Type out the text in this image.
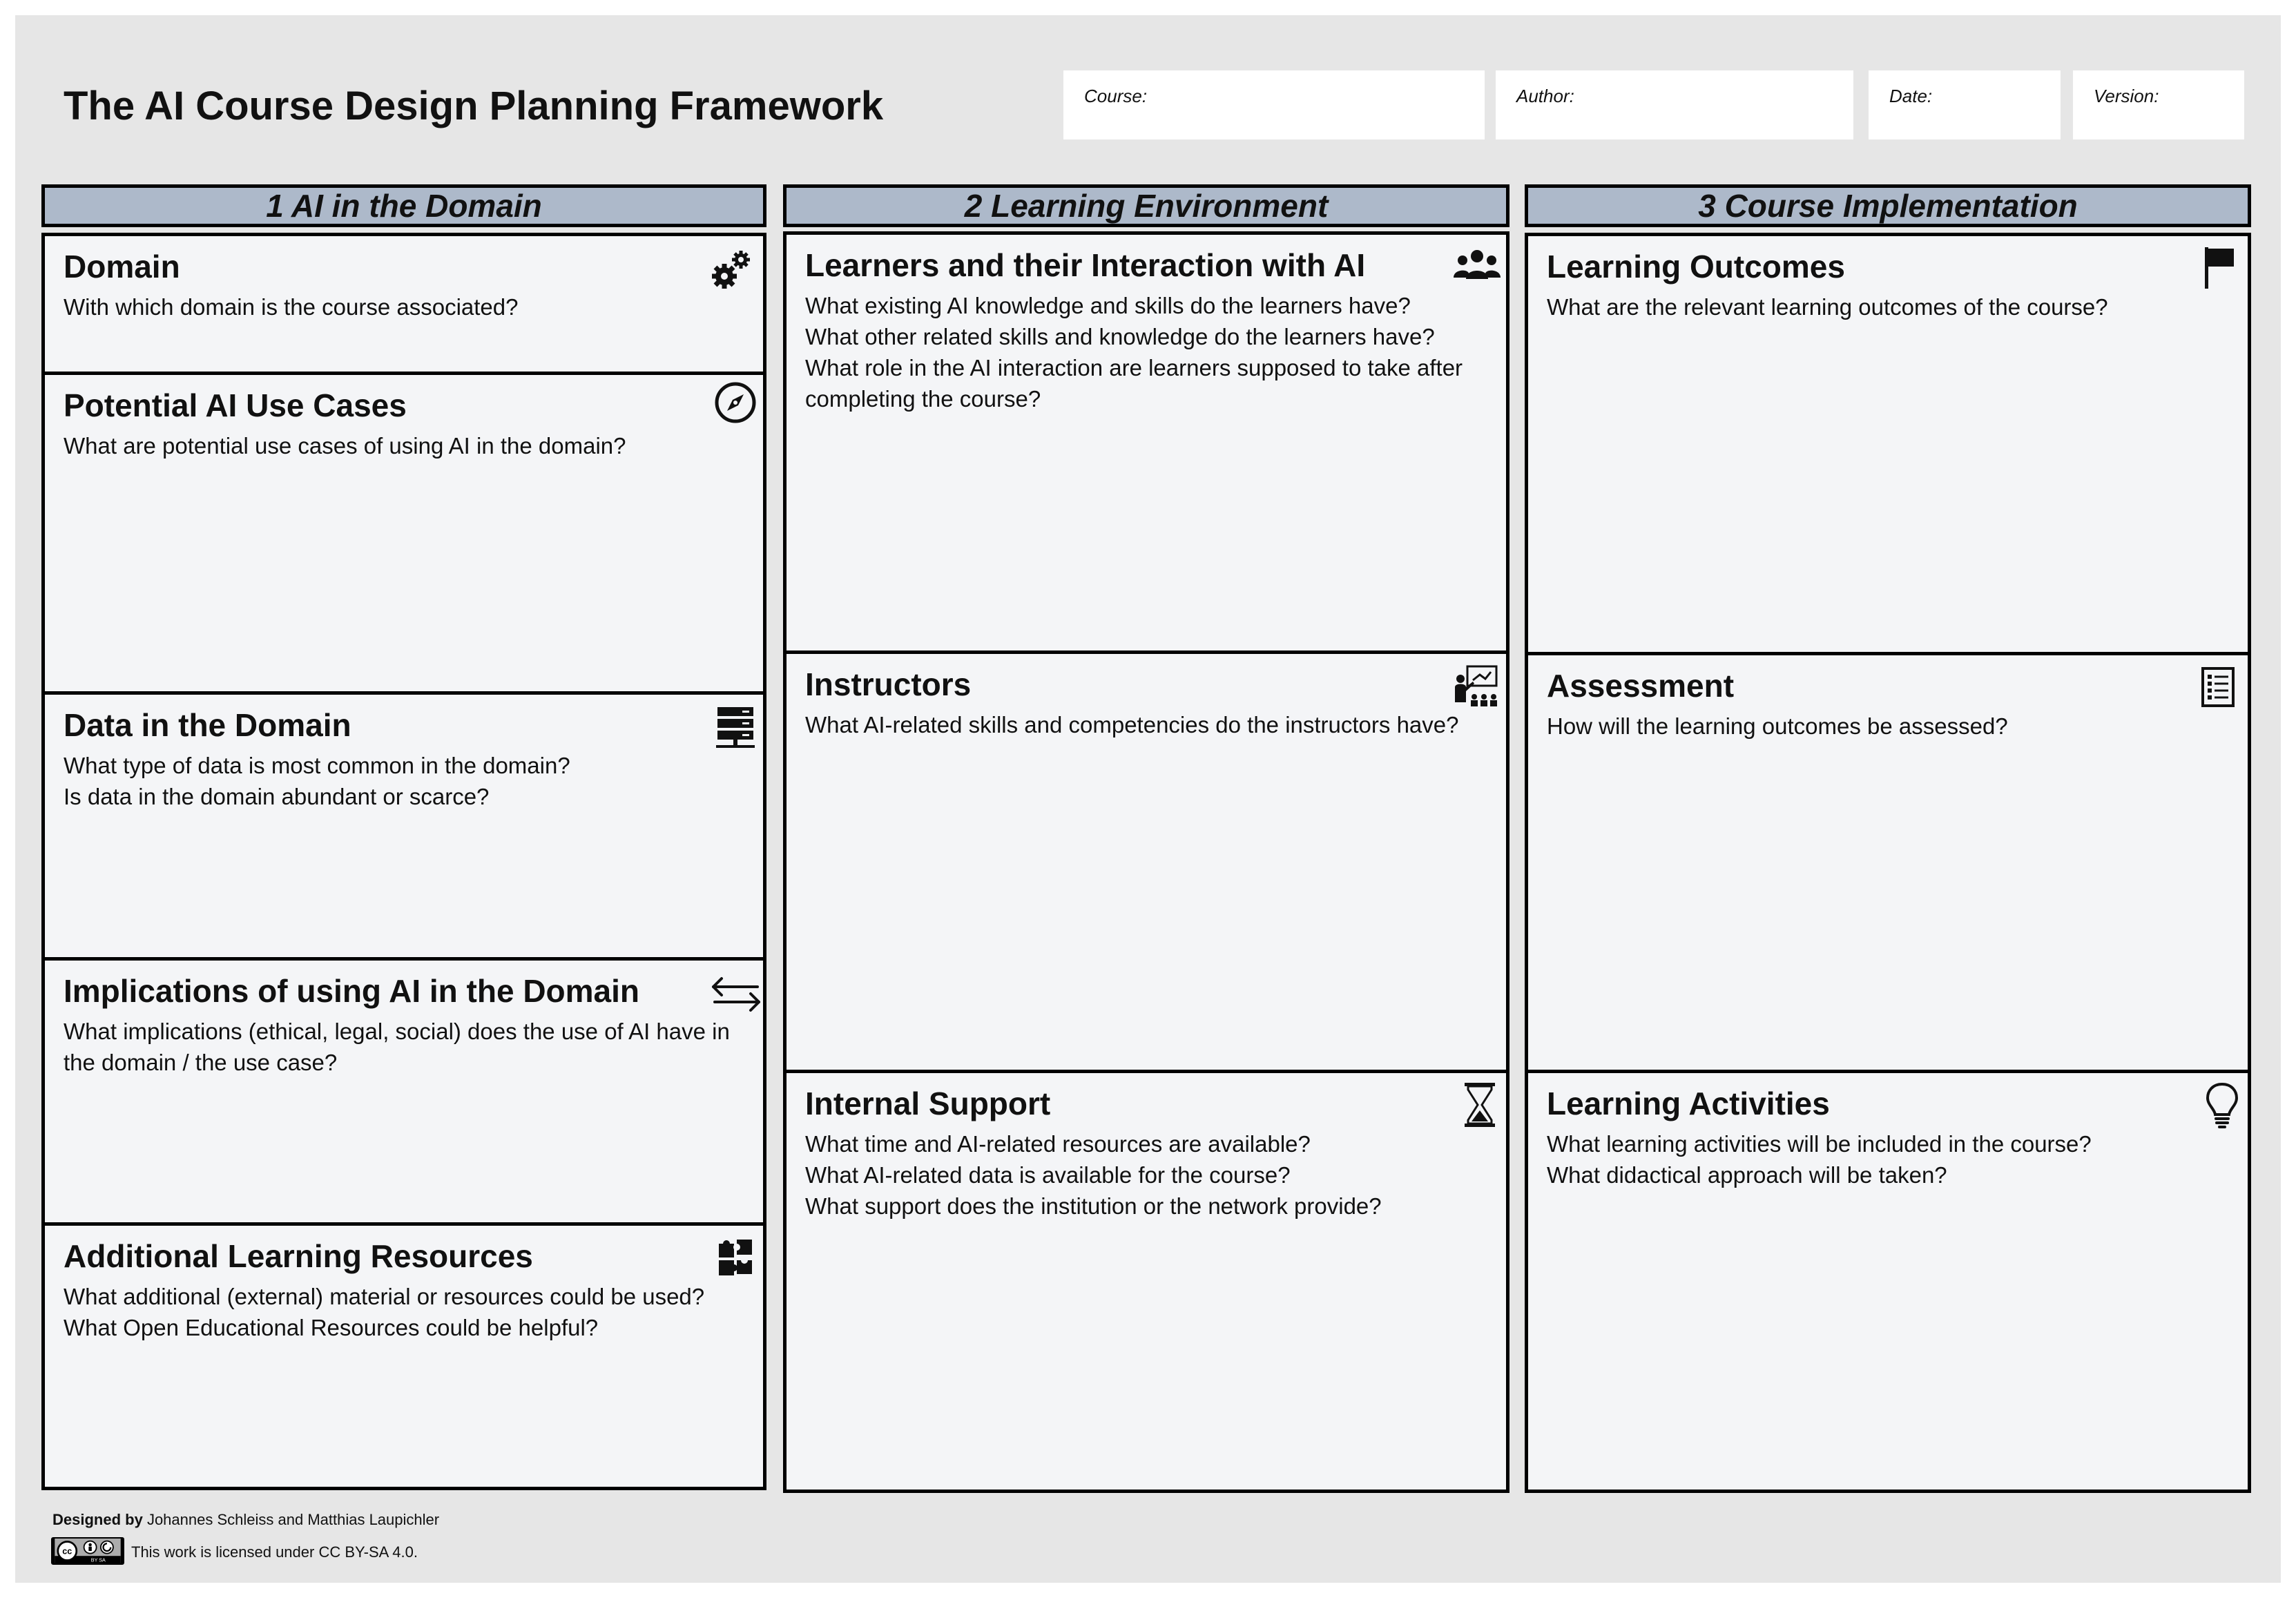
The AI Course Design Planning Framework	Course:	Author:	Date:	Version:
1 AI in the Domain	2 Learning Environment	3 Course Implementation
Domain
With which domain is the course associated?
Potential AI Use Cases
What are potential use cases of using AI in the domain?
Data in the Domain
What type of data is most common in the domain?
Is data in the domain abundant or scarce?
Implications of using AI in the Domain
What implications (ethical, legal, social) does the use of AI have in the domain / the use case?
Additional Learning Resources
What additional (external) material or resources could be used?
What Open Educational Resources could be helpful?
Learners and their Interaction with AI
What existing AI knowledge and skills do the learners have?
What other related skills and knowledge do the learners have?
What role in the AI interaction are learners supposed to take after completing the course?
Instructors
What AI-related skills and competencies do the instructors have?
Internal Support
What time and AI-related resources are available?
What AI-related data is available for the course?
What support does the institution or the network provide?
Learning Outcomes
What are the relevant learning outcomes of the course?
Assessment
How will the learning outcomes be assessed?
Learning Activities
What learning activities will be included in the course?
What didactical approach will be taken?
Designed by Johannes Schleiss and Matthias Laupichler
cc
BY SA This work is licensed under CC BY-SA 4.0.
